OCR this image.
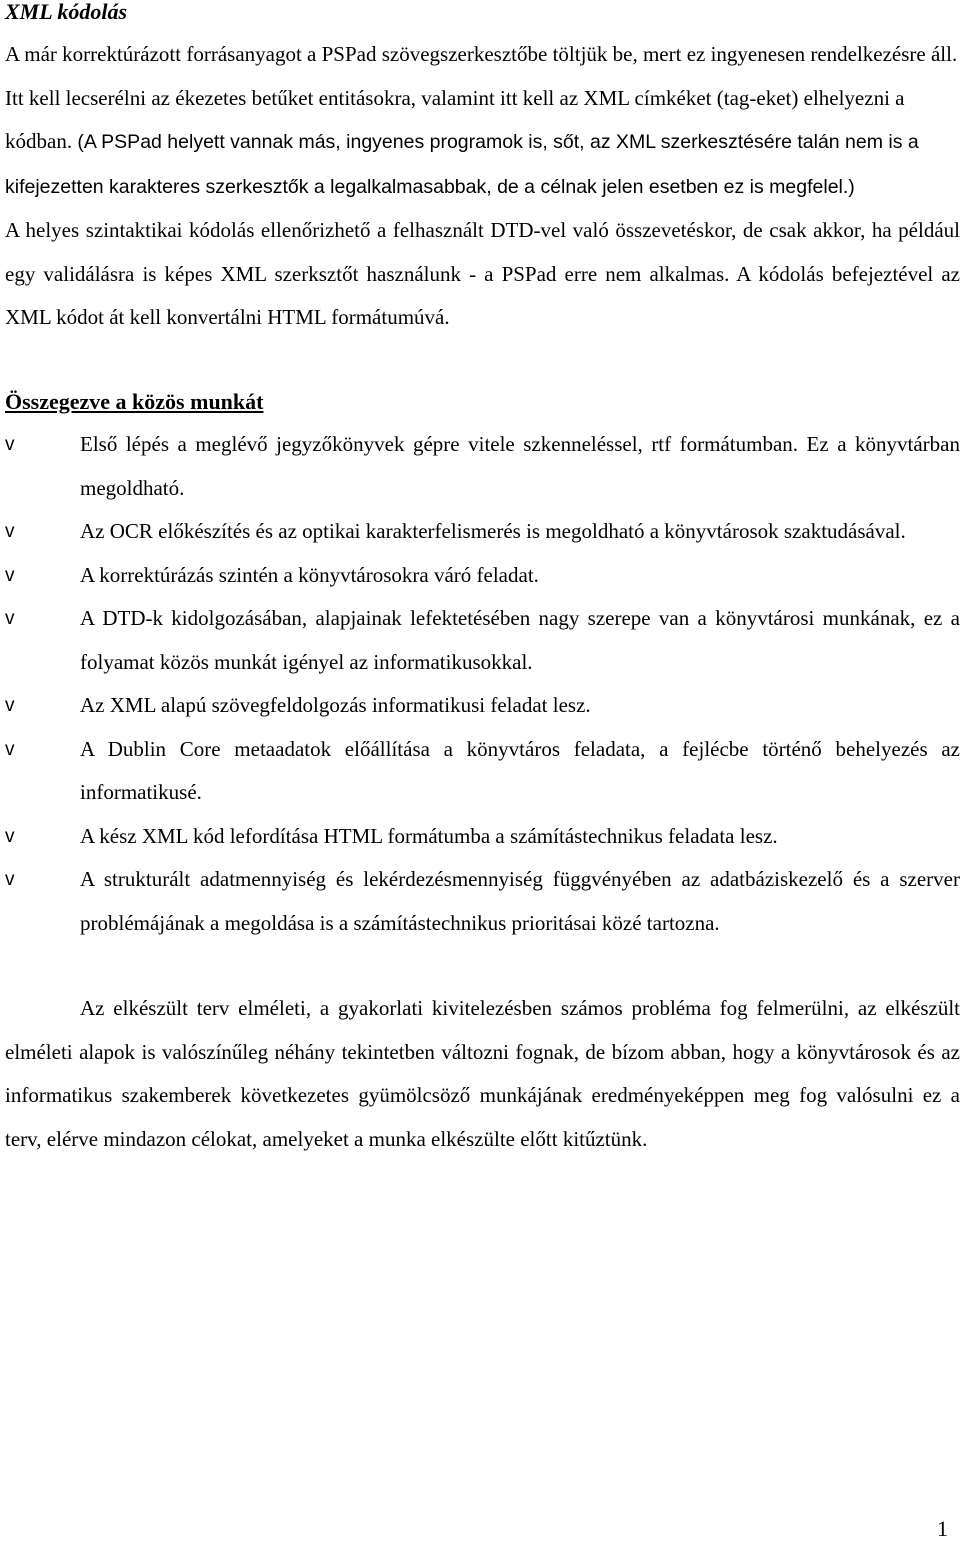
XML kódolás

A már korrektúrázott forrásanyagot a PSPad szövegszerkesztőbe töltjük be, mert ez ingyenesen rendelkezésre áll. Itt kell lecserélni az ékezetes betűket entitásokra, valamint itt kell az XML címkéket (tag-eket) elhelyezni a kódban. (A PSPad helyett vannak más, ingyenes programok is, sőt, az XML szerkesztésére talán nem is a kifejezetten karakteres szerkesztők a legalkalmasabbak, de a célnak jelen esetben ez is megfelel.)

A helyes szintaktikai kódolás ellenőrizhető a felhasznált DTD-vel való összevetéskor, de csak akkor, ha például egy validálásra is képes XML szerksztőt használunk - a PSPad erre nem alkalmas. A kódolás befejeztével az XML kódot át kell konvertálni HTML formátumúvá.

Összegezve a közös munkát
v	Első lépés a meglévő jegyzőkönyvek gépre vitele szkenneléssel, rtf formátumban. Ez a könyvtárban megoldható.
v	Az OCR előkészítés és az optikai karakterfelismerés is megoldható a könyvtárosok szaktudásával.
v	A korrektúrázás szintén a könyvtárosokra váró feladat.
v	A DTD-k kidolgozásában, alapjainak lefektetésében nagy szerepe van a könyvtárosi munkának, ez a folyamat közös munkát igényel az informatikusokkal.
v	Az XML alapú szövegfeldolgozás informatikusi feladat lesz.
v	A Dublin Core metaadatok előállítása a könyvtáros feladata, a fejlécbe történő behelyezés az informatikusé.
v	A kész XML kód lefordítása HTML formátumba a számítástechnikus feladata lesz.
v	A strukturált adatmennyiség és lekérdezésmennyiség függvényében az adatbáziskezelő és a szerver problémájának a megoldása is a számítástechnikus prioritásai közé tartozna.

Az elkészült terv elméleti, a gyakorlati kivitelezésben számos probléma fog felmerülni, az elkészült elméleti alapok is valószínűleg néhány tekintetben változni fognak, de bízom abban, hogy a könyvtárosok és az informatikus szakemberek következetes gyümölcsöző munkájának eredményeképpen meg fog valósulni ez a terv, elérve mindazon célokat, amelyeket a munka elkészülte előtt kitűztünk.

1
